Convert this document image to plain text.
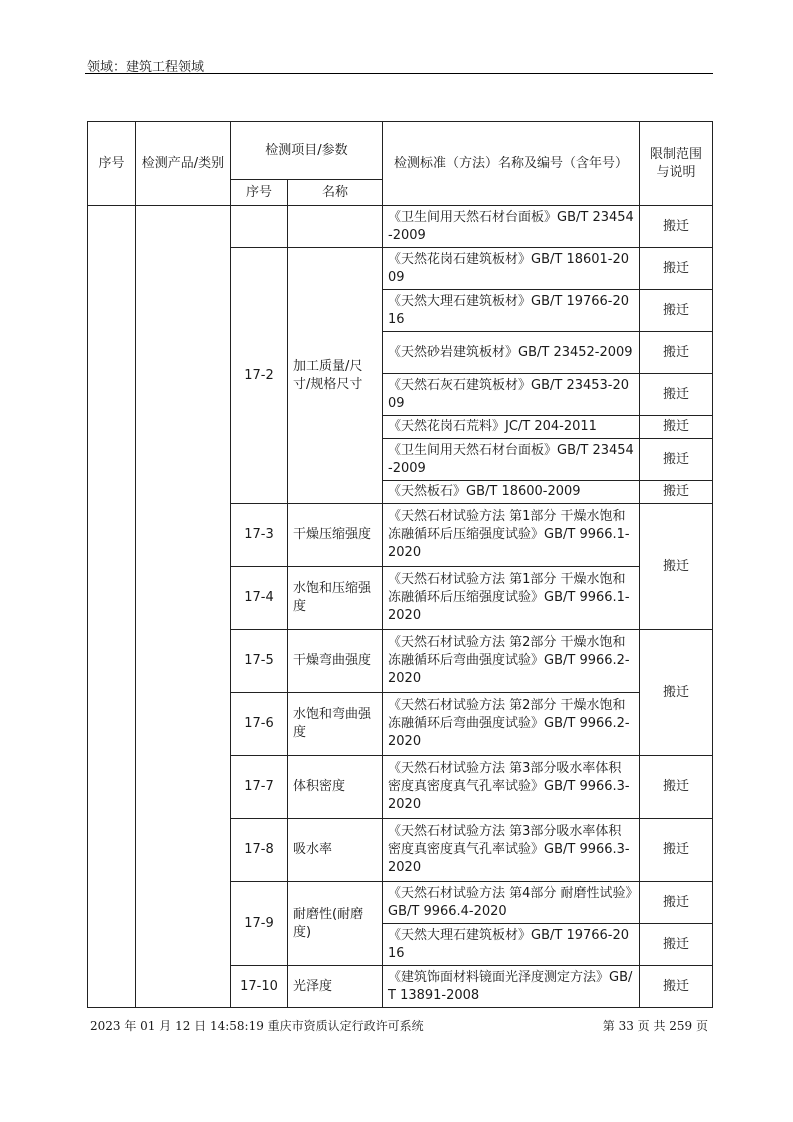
领域：建筑工程领域
序号	检测产品/类别	检测项目/参数		检测标准（方法）名称及编号（含年号）	限制范围与说明
		序号	名称		
				《卫生间用天然石材台面板》GB/T 23454-2009	搬迁
		17-2	加工质量/尺寸/规格尺寸	《天然花岗石建筑板材》GB/T 18601-2009	搬迁
				《天然大理石建筑板材》GB/T 19766-2016	搬迁
				《天然砂岩建筑板材》GB/T 23452-2009	搬迁
				《天然石灰石建筑板材》GB/T 23453-2009	搬迁
				《天然花岗石荒料》JC/T 204-2011	搬迁
				《卫生间用天然石材台面板》GB/T 23454-2009	搬迁
				《天然板石》GB/T 18600-2009	搬迁
		17-3	干燥压缩强度	《天然石材试验方法 第1部分 干燥水饱和 冻融循环后压缩强度试验》GB/T 9966.1-2020	搬迁
		17-4	水饱和压缩强度	《天然石材试验方法 第1部分 干燥水饱和 冻融循环后压缩强度试验》GB/T 9966.1-2020	
		17-5	干燥弯曲强度	《天然石材试验方法 第2部分 干燥水饱和 冻融循环后弯曲强度试验》GB/T 9966.2-2020	搬迁
		17-6	水饱和弯曲强度	《天然石材试验方法 第2部分 干燥水饱和 冻融循环后弯曲强度试验》GB/T 9966.2-2020	
		17-7	体积密度	《天然石材试验方法 第3部分吸水率体积密度真密度真气孔率试验》GB/T 9966.3-2020	搬迁
		17-8	吸水率	《天然石材试验方法 第3部分吸水率体积密度真密度真气孔率试验》GB/T 9966.3-2020	搬迁
		17-9	耐磨性(耐磨度)	《天然石材试验方法 第4部分 耐磨性试验》GB/T 9966.4-2020	搬迁
				《天然大理石建筑板材》GB/T 19766-2016	搬迁
		17-10	光泽度	《建筑饰面材料镜面光泽度测定方法》GB/T 13891-2008	搬迁
2023 年 01 月 12 日 14:58:19 重庆市资质认定行政许可系统	第 33 页 共 259 页
